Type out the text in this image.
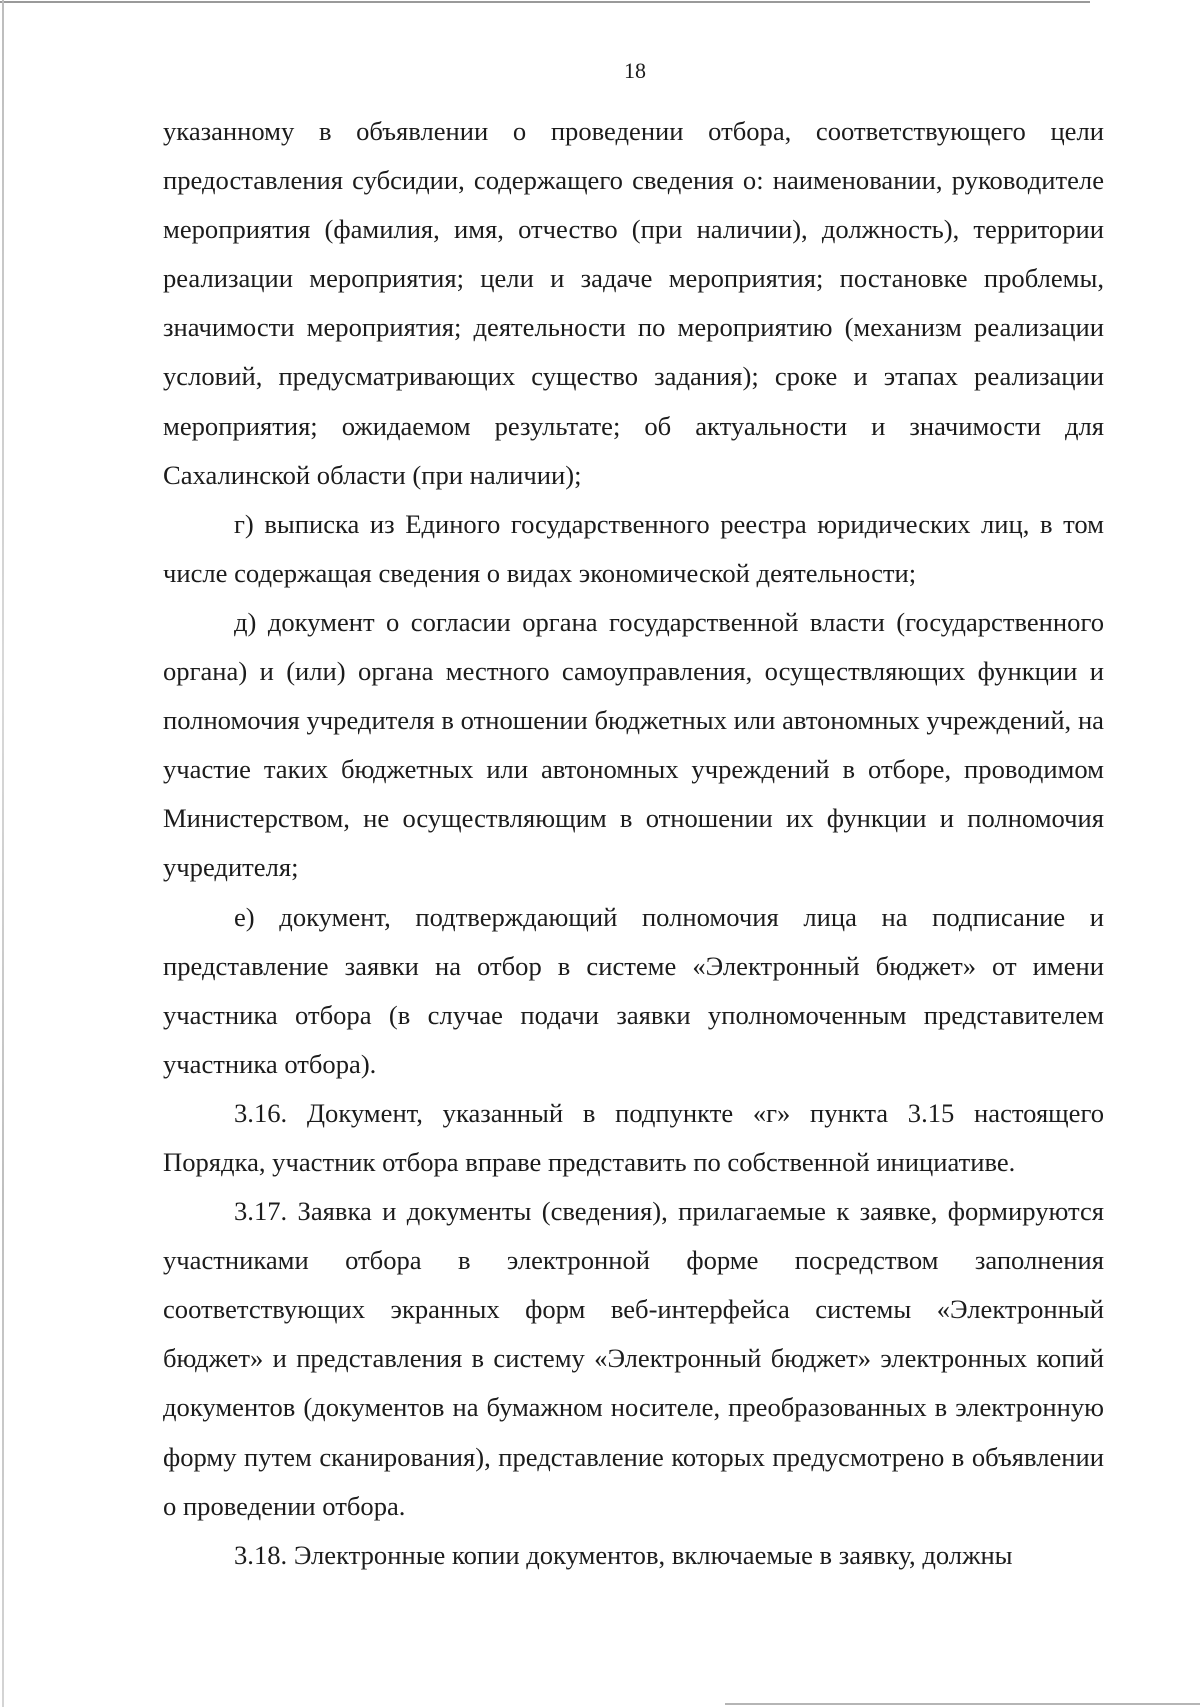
18

указанному в объявлении о проведении отбора, соответствующего цели предоставления субсидии, содержащего сведения о: наименовании, руководителе мероприятия (фамилия, имя, отчество (при наличии), должность), территории реализации мероприятия; цели и задаче мероприятия; постановке проблемы, значимости мероприятия; деятельности по мероприятию (механизм реализации условий, предусматривающих существо задания); сроке и этапах реализации мероприятия; ожидаемом результате; об актуальности и значимости для Сахалинской области (при наличии);

г) выписка из Единого государственного реестра юридических лиц, в том числе содержащая сведения о видах экономической деятельности;

д) документ о согласии органа государственной власти (государственного органа) и (или) органа местного самоуправления, осуществляющих функции и полномочия учредителя в отношении бюджетных или автономных учреждений, на участие таких бюджетных или автономных учреждений в отборе, проводимом Министерством, не осуществляющим в отношении их функции и полномочия учредителя;

е) документ, подтверждающий полномочия лица на подписание и представление заявки на отбор в системе «Электронный бюджет» от имени участника отбора (в случае подачи заявки уполномоченным представителем участника отбора).

3.16. Документ, указанный в подпункте «г» пункта 3.15 настоящего Порядка, участник отбора вправе представить по собственной инициативе.

3.17. Заявка и документы (сведения), прилагаемые к заявке, формируются участниками отбора в электронной форме посредством заполнения соответствующих экранных форм веб-интерфейса системы «Электронный бюджет» и представления в систему «Электронный бюджет» электронных копий документов (документов на бумажном носителе, преобразованных в электронную форму путем сканирования), представление которых предусмотрено в объявлении о проведении отбора.

3.18. Электронные копии документов, включаемые в заявку, должны
